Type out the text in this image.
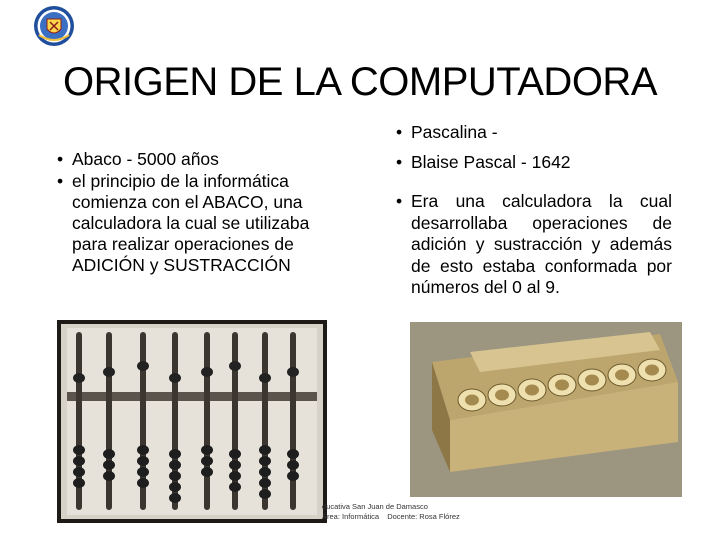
ORIGEN DE LA COMPUTADORA
• Abaco - 5000 años
• el principio de la informática comienza con el ABACO, una calculadora la cual se utilizaba para realizar operaciones de ADICIÓN y SUSTRACCIÓN
• Pascalina -
• Blaise Pascal - 1642
• Era una calculadora la cual desarrollaba operaciones de adición y sustracción y además de esto estaba conformada por números del 0 al 9.
ducativa San Juan de Damasco
Área: Informática Docente: Rosa Flórez
